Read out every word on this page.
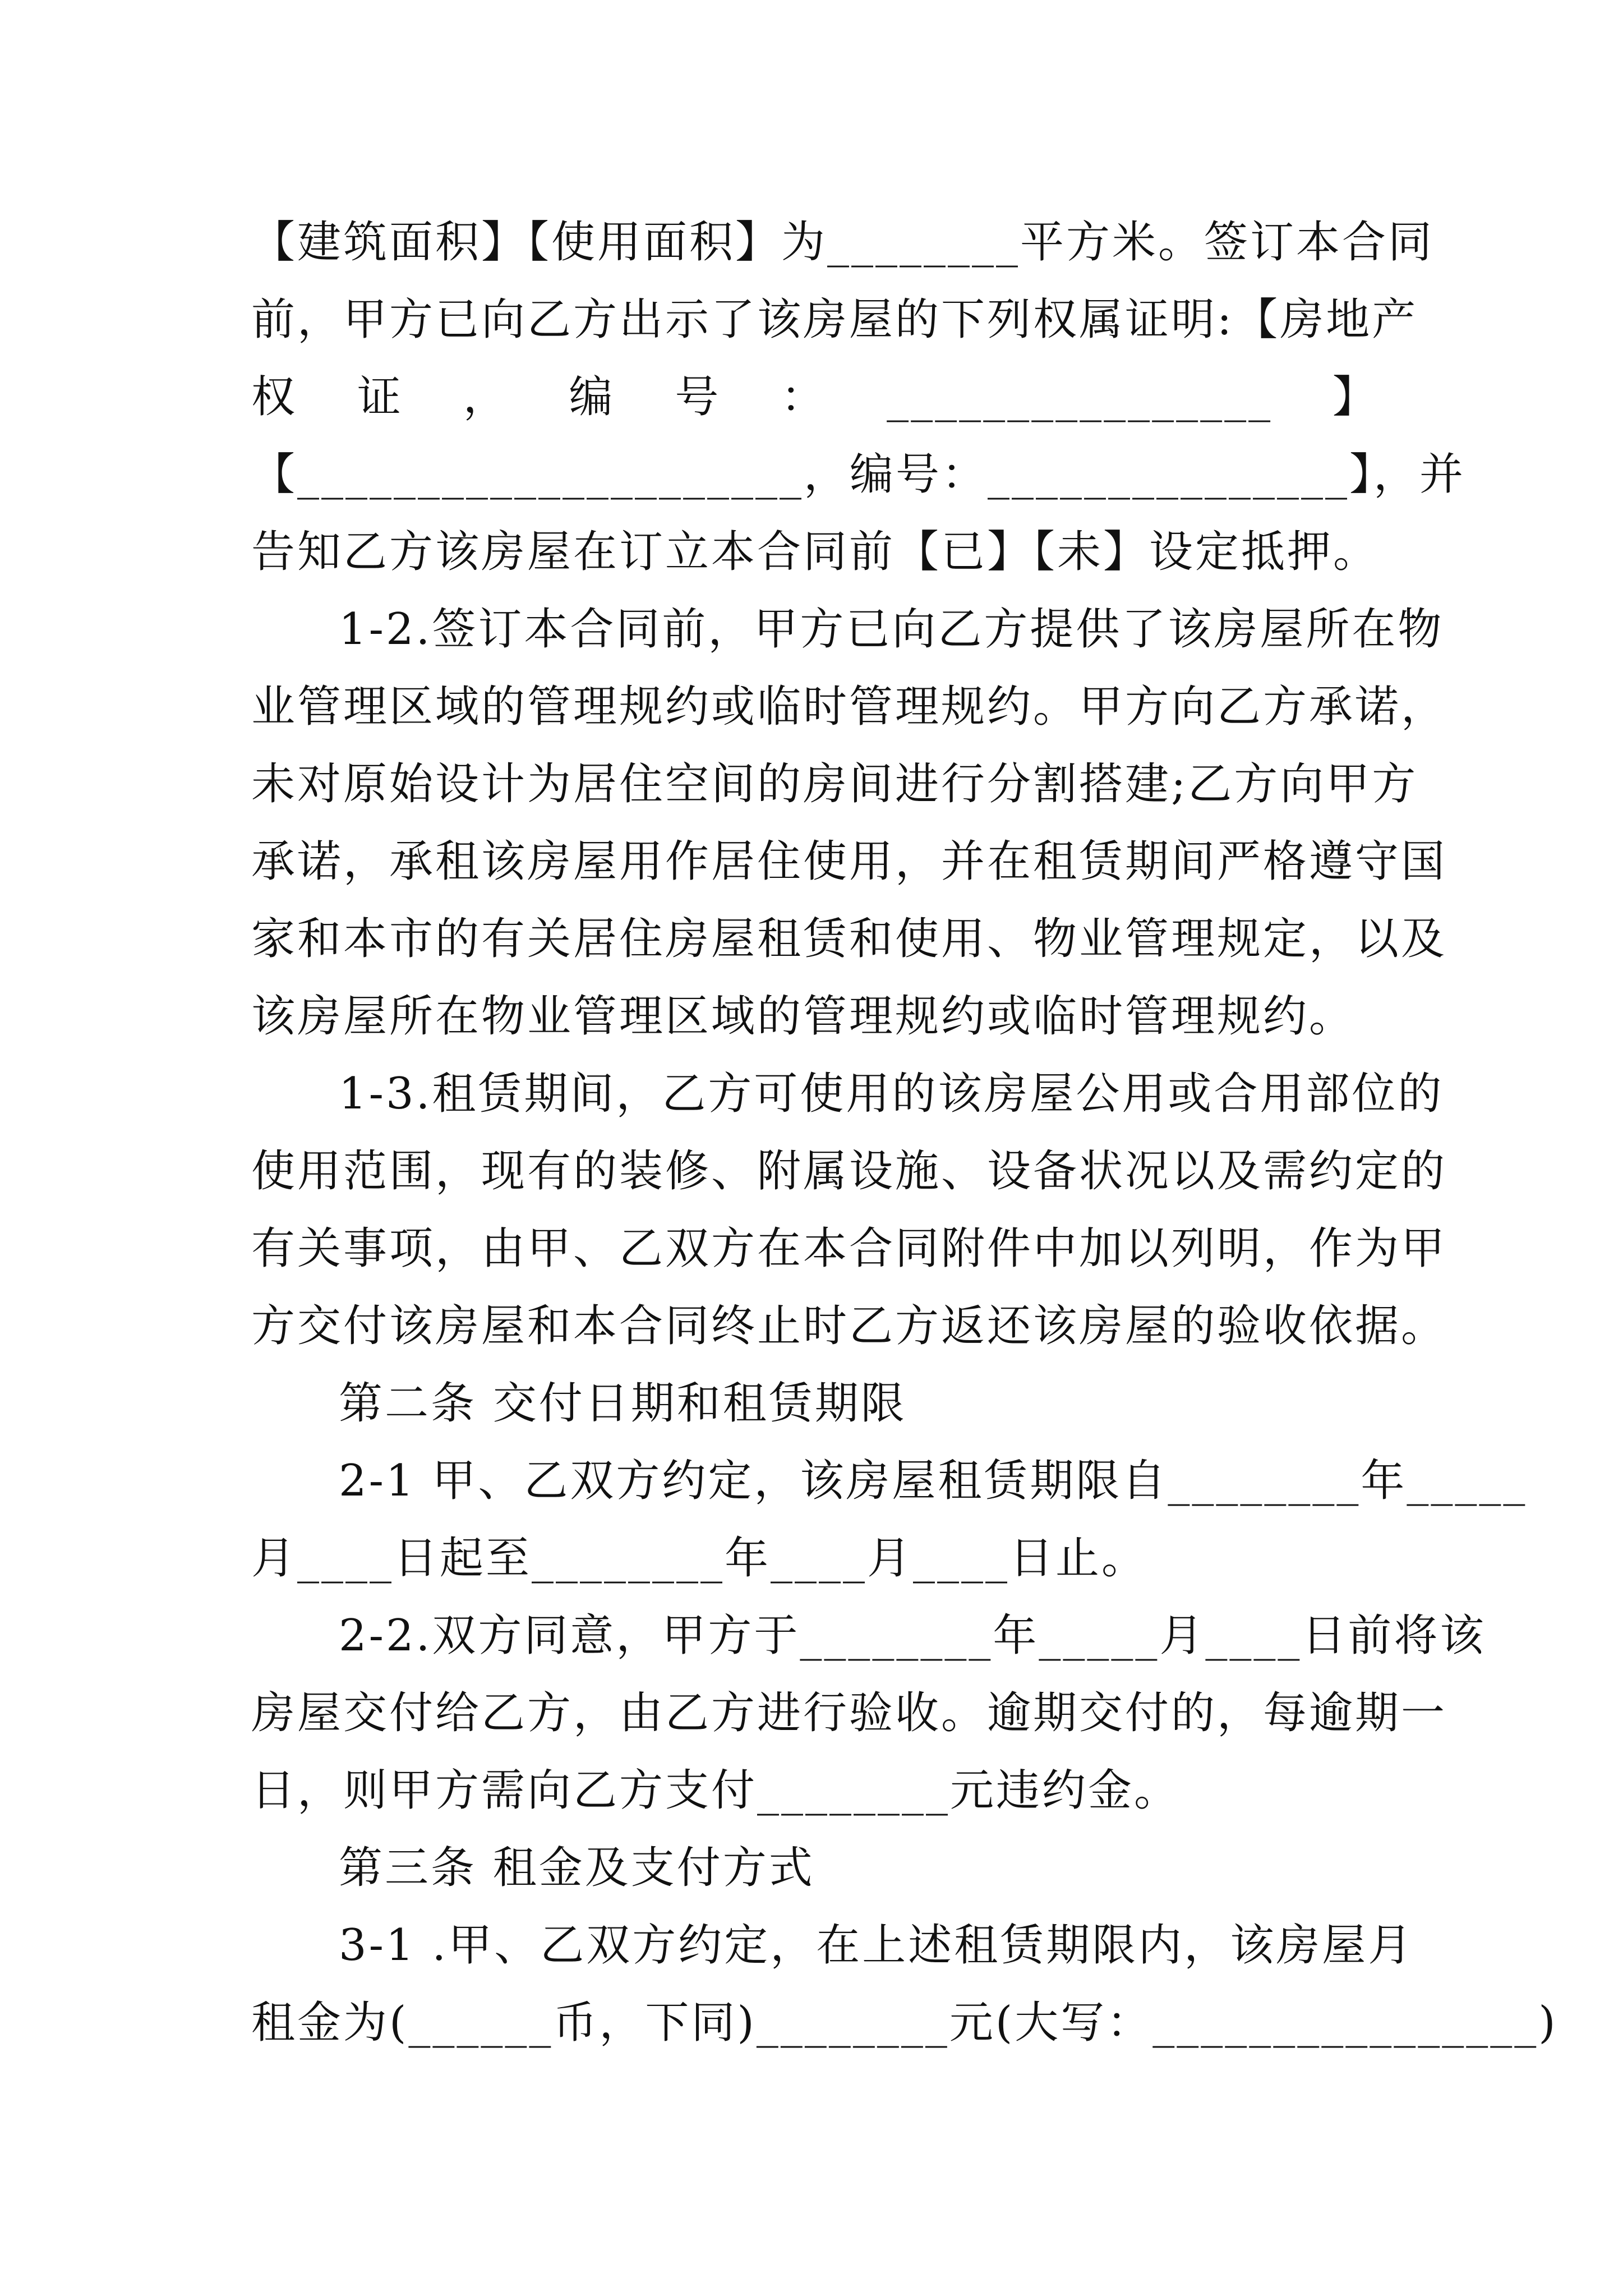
【建筑面积】【使用面积】为________平方米。签订本合同
前，甲方已向乙方出示了该房屋的下列权属证明:【房地产
权 证 ， 编 号 ： ________________ 】
【_____________________，编号：_______________】，并
告知乙方该房屋在订立本合同前【已】【未】设定抵押。
1-2.签订本合同前，甲方已向乙方提供了该房屋所在物
业管理区域的管理规约或临时管理规约。甲方向乙方承诺，
未对原始设计为居住空间的房间进行分割搭建;乙方向甲方
承诺，承租该房屋用作居住使用，并在租赁期间严格遵守国
家和本市的有关居住房屋租赁和使用、物业管理规定，以及
该房屋所在物业管理区域的管理规约或临时管理规约。
1-3.租赁期间，乙方可使用的该房屋公用或合用部位的
使用范围，现有的装修、附属设施、设备状况以及需约定的
有关事项，由甲、乙双方在本合同附件中加以列明，作为甲
方交付该房屋和本合同终止时乙方返还该房屋的验收依据。
第二条 交付日期和租赁期限
2-1 甲、乙双方约定，该房屋租赁期限自________年_____
月____日起至________年____月____日止。
2-2.双方同意，甲方于________年_____月____日前将该
房屋交付给乙方，由乙方进行验收。逾期交付的，每逾期一
日，则甲方需向乙方支付________元违约金。
第三条 租金及支付方式
3-1 .甲、乙双方约定，在上述租赁期限内，该房屋月
租金为(______币，下同)________元(大写：________________)
